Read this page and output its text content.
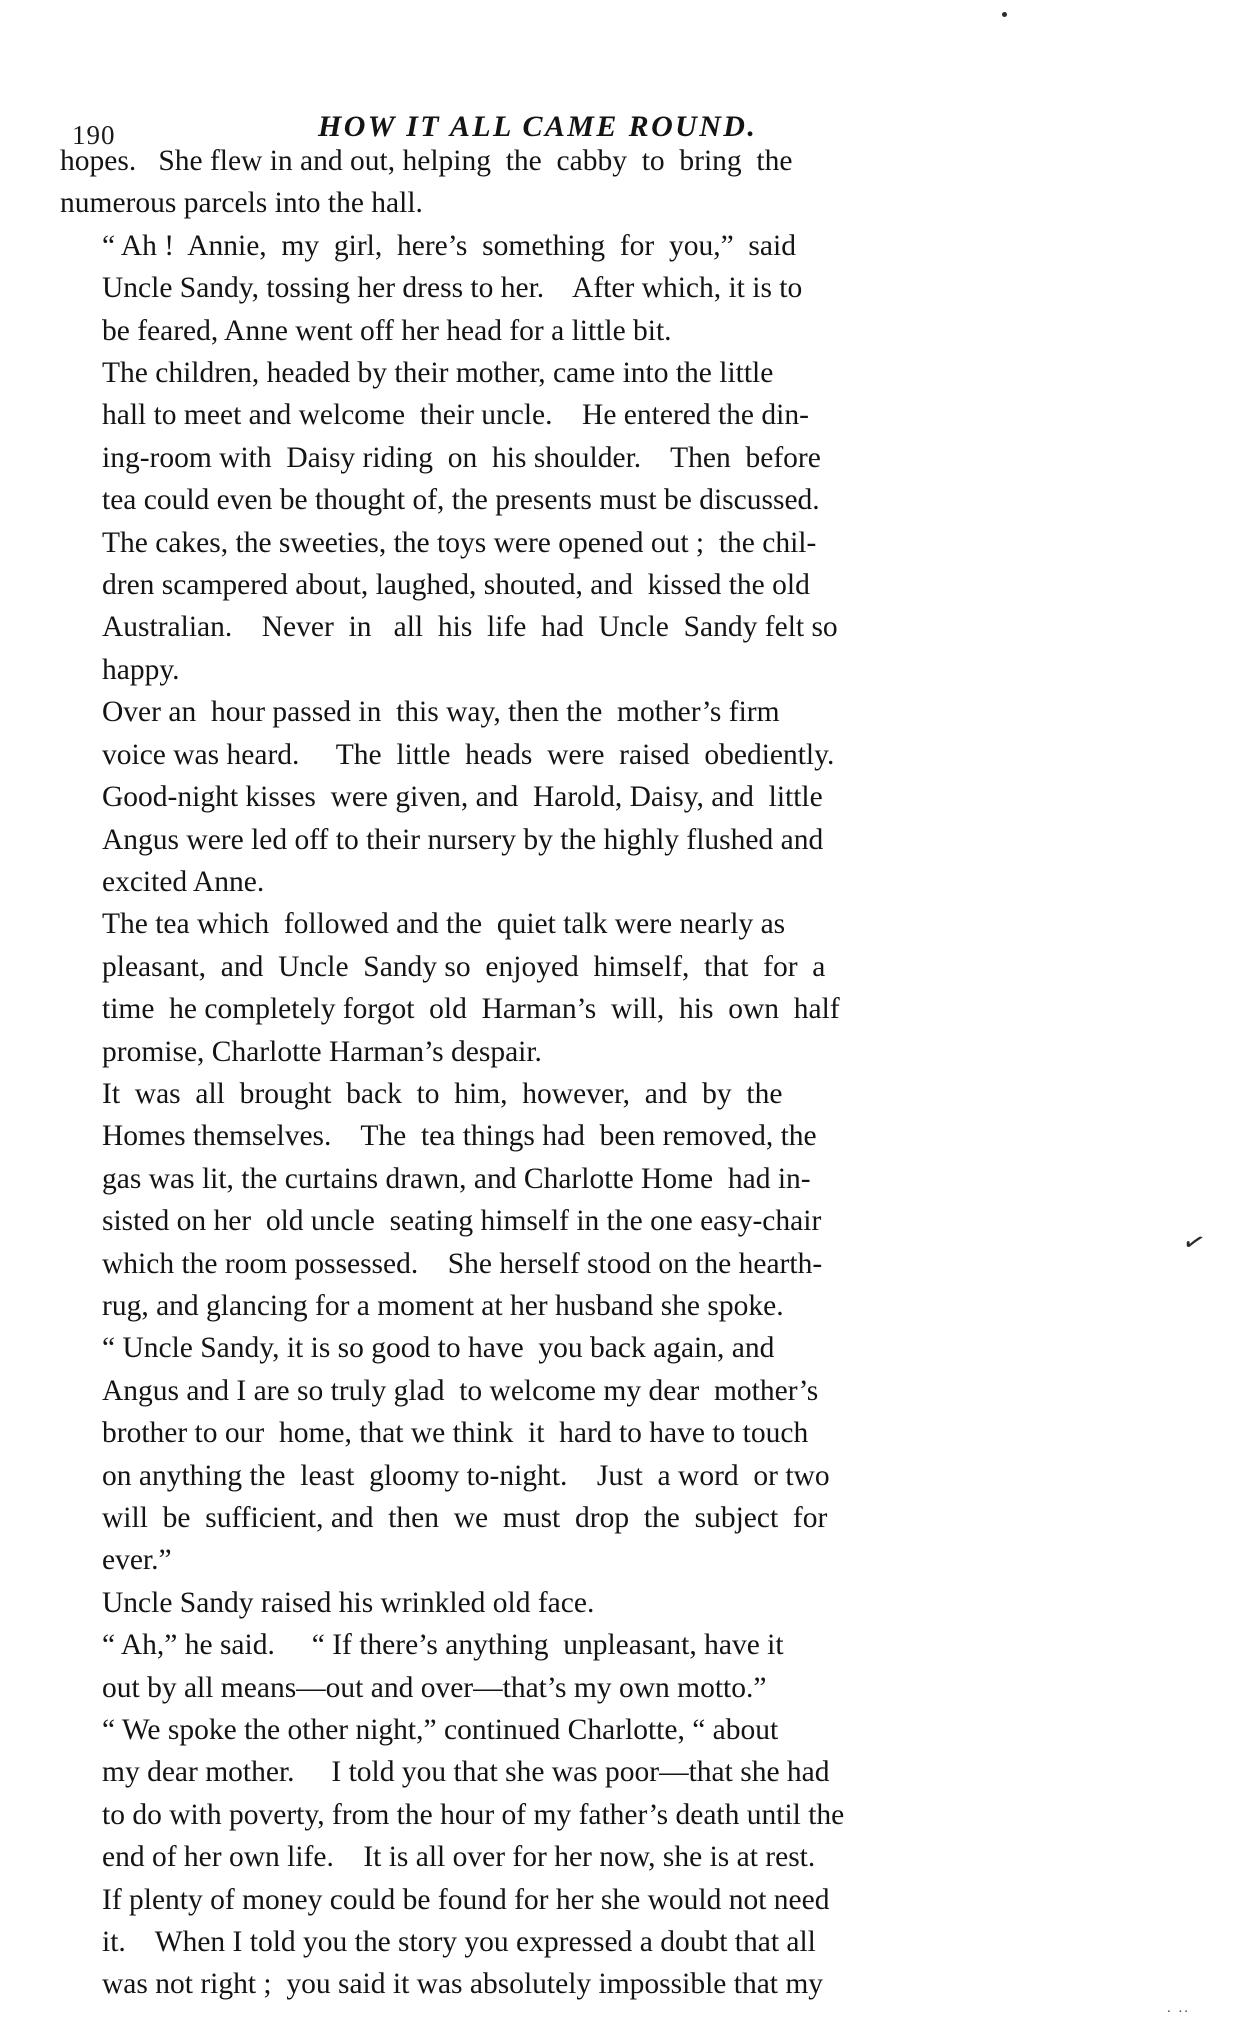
190	HOW IT ALL CAME ROUND.

hopes.   She flew in and out, helping  the  cabby  to  bring  the
numerous parcels into the hall.

“ Ah !  Annie,  my  girl,  here’s  something  for  you,”  said
Uncle Sandy, tossing her dress to her.    After which, it is to
be feared, Anne went off her head for a little bit.

The children, headed by their mother, came into the little
hall to meet and welcome  their uncle.    He entered the din-
ing-room with  Daisy riding  on  his shoulder.    Then  before
tea could even be thought of, the presents must be discussed.
The cakes, the sweeties, the toys were opened out ;  the chil-
dren scampered about, laughed, shouted, and  kissed the old
Australian.    Never  in   all  his  life  had  Uncle  Sandy felt so
happy.

Over an  hour passed in  this way, then the  mother’s firm
voice was heard.     The  little  heads  were  raised  obediently.
Good-night kisses  were given, and  Harold, Daisy, and  little
Angus were led off to their nursery by the highly flushed and
excited Anne.

The tea which  followed and the  quiet talk were nearly as
pleasant,  and  Uncle  Sandy so  enjoyed  himself,  that  for  a
time  he completely forgot  old  Harman’s  will,  his  own  half
promise, Charlotte Harman’s despair.

It  was  all  brought  back  to  him,  however,  and  by  the
Homes themselves.    The  tea things had  been removed, the
gas was lit, the curtains drawn, and Charlotte Home  had in-
sisted on her  old uncle  seating himself in the one easy-chair
which the room possessed.    She herself stood on the hearth-
rug, and glancing for a moment at her husband she spoke.

“ Uncle Sandy, it is so good to have  you back again, and
Angus and I are so truly glad  to welcome my dear  mother’s
brother to our  home, that we think  it  hard to have to touch
on anything the  least  gloomy to-night.    Just  a word  or two
will  be  sufficient, and  then  we  must  drop  the  subject  for
ever.”

Uncle Sandy raised his wrinkled old face.

“ Ah,” he said.     “ If there’s anything  unpleasant, have it
out by all means—out and over—that’s my own motto.”

“ We spoke the other night,” continued Charlotte, “ about
my dear mother.     I told you that she was poor—that she had
to do with poverty, from the hour of my father’s death until the
end of her own life.    It is all over for her now, she is at rest.
If plenty of money could be found for her she would not need
it.    When I told you the story you expressed a doubt that all
was not right ;  you said it was absolutely impossible that my

✓
. ..
